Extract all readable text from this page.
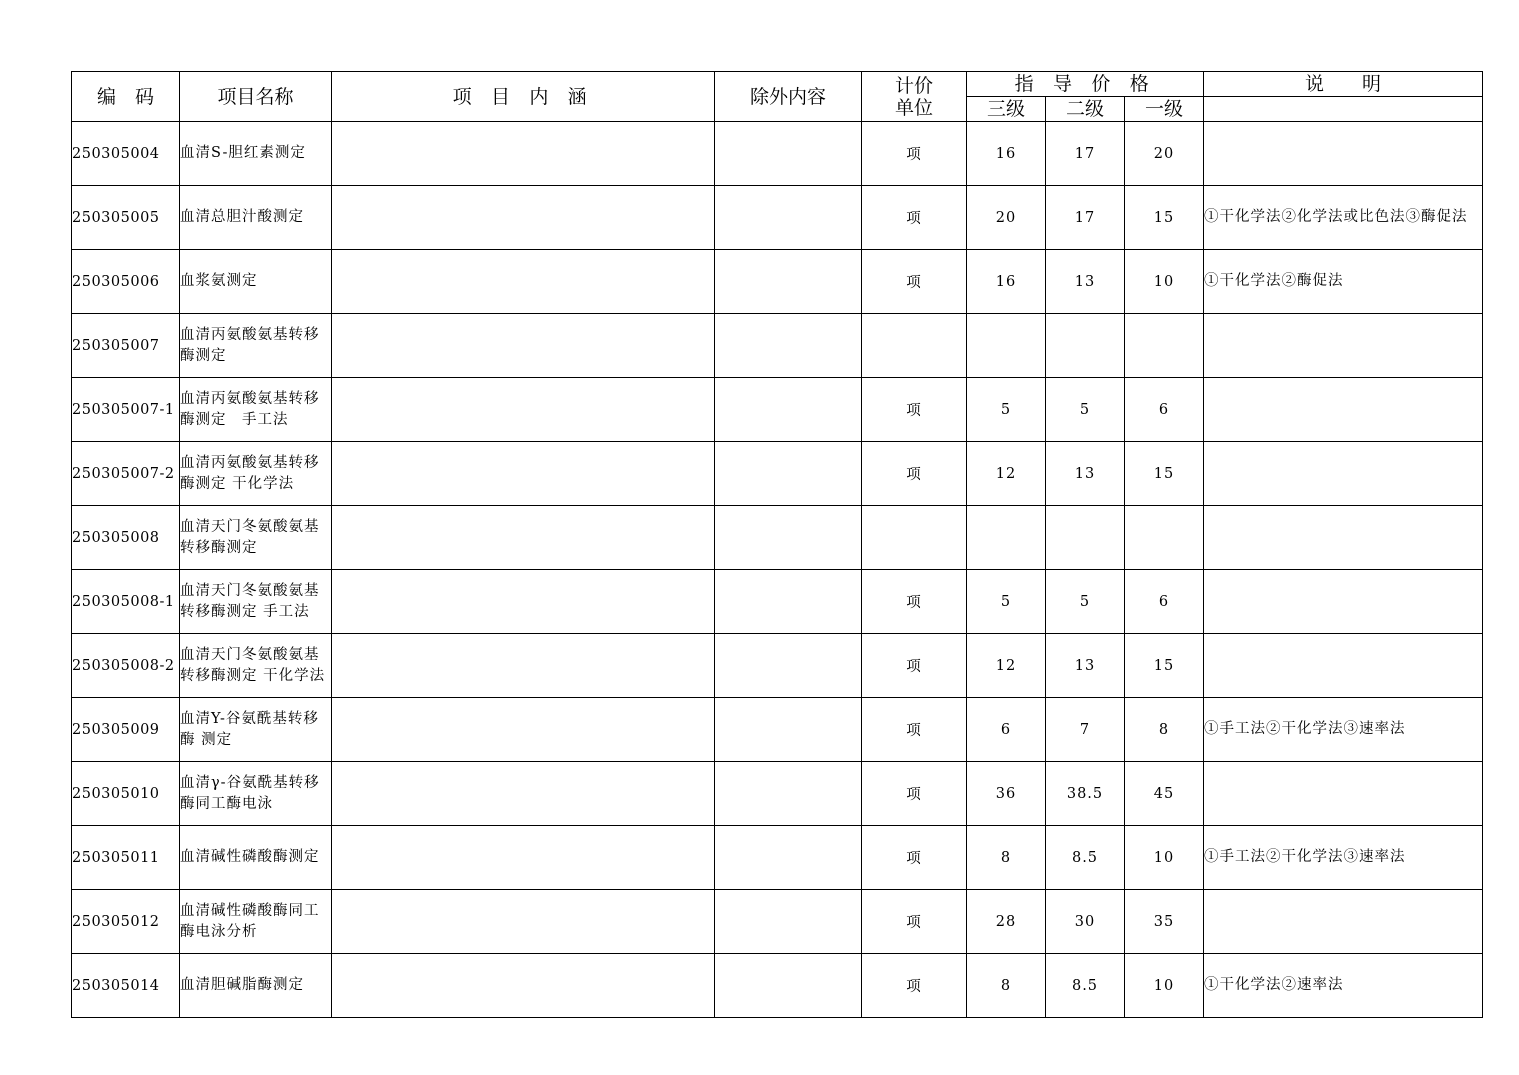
编　码	项目名称	项 目 内 涵	除外内容	计价
单位	指 导 价 格			说　　明
					三级	二级	一级	
250305004	血清S-胆红素测定			项	16	17	20	
250305005	血清总胆汁酸测定			项	20	17	15	①干化学法②化学法或比色法③酶促法
250305006	血浆氨测定			项	16	13	10	①干化学法②酶促法
250305007	血清丙氨酸氨基转移酶测定							
250305007-1	血清丙氨酸氨基转移酶测定　手工法			项	5	5	6	
250305007-2	血清丙氨酸氨基转移酶测定 干化学法			项	12	13	15	
250305008	血清天门冬氨酸氨基转移酶测定							
250305008-1	血清天门冬氨酸氨基转移酶测定 手工法			项	5	5	6	
250305008-2	血清天门冬氨酸氨基转移酶测定 干化学法			项	12	13	15	
250305009	血清Y-谷氨酰基转移酶 测定			项	6	7	8	①手工法②干化学法③速率法
250305010	血清γ-谷氨酰基转移酶同工酶电泳			项	36	38.5	45	
250305011	血清碱性磷酸酶测定			项	8	8.5	10	①手工法②干化学法③速率法
250305012	血清碱性磷酸酶同工酶电泳分析			项	28	30	35	
250305014	血清胆碱脂酶测定			项	8	8.5	10	①干化学法②速率法
